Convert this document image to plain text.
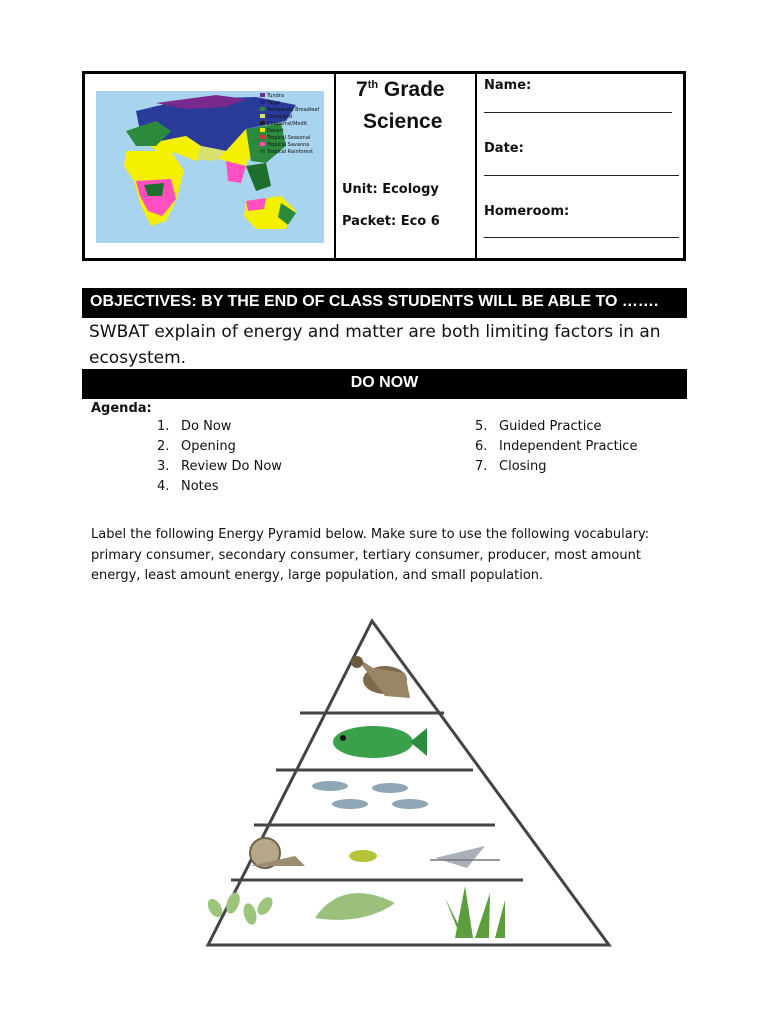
Tundra
Taiga
Temperate Broadleaf
Grassland
Chaparral/Medit.
Desert
Tropical Seasonal
Tropical Savanna
Tropical Rainforest
7th Grade
Science
Unit: Ecology
Packet: Eco 6
Name:
Date:
Homeroom:
OBJECTIVES: BY THE END OF CLASS STUDENTS WILL BE ABLE TO …….
SWBAT explain of energy and matter are both limiting factors in an ecosystem.
DO NOW
Agenda:
1. Do Now
2. Opening
3. Review Do Now
4. Notes
5. Guided Practice
6. Independent Practice
7. Closing
Label the following Energy Pyramid below. Make sure to use the following vocabulary: primary consumer, secondary consumer, tertiary consumer, producer, most amount energy, least amount energy, large population, and small population.
